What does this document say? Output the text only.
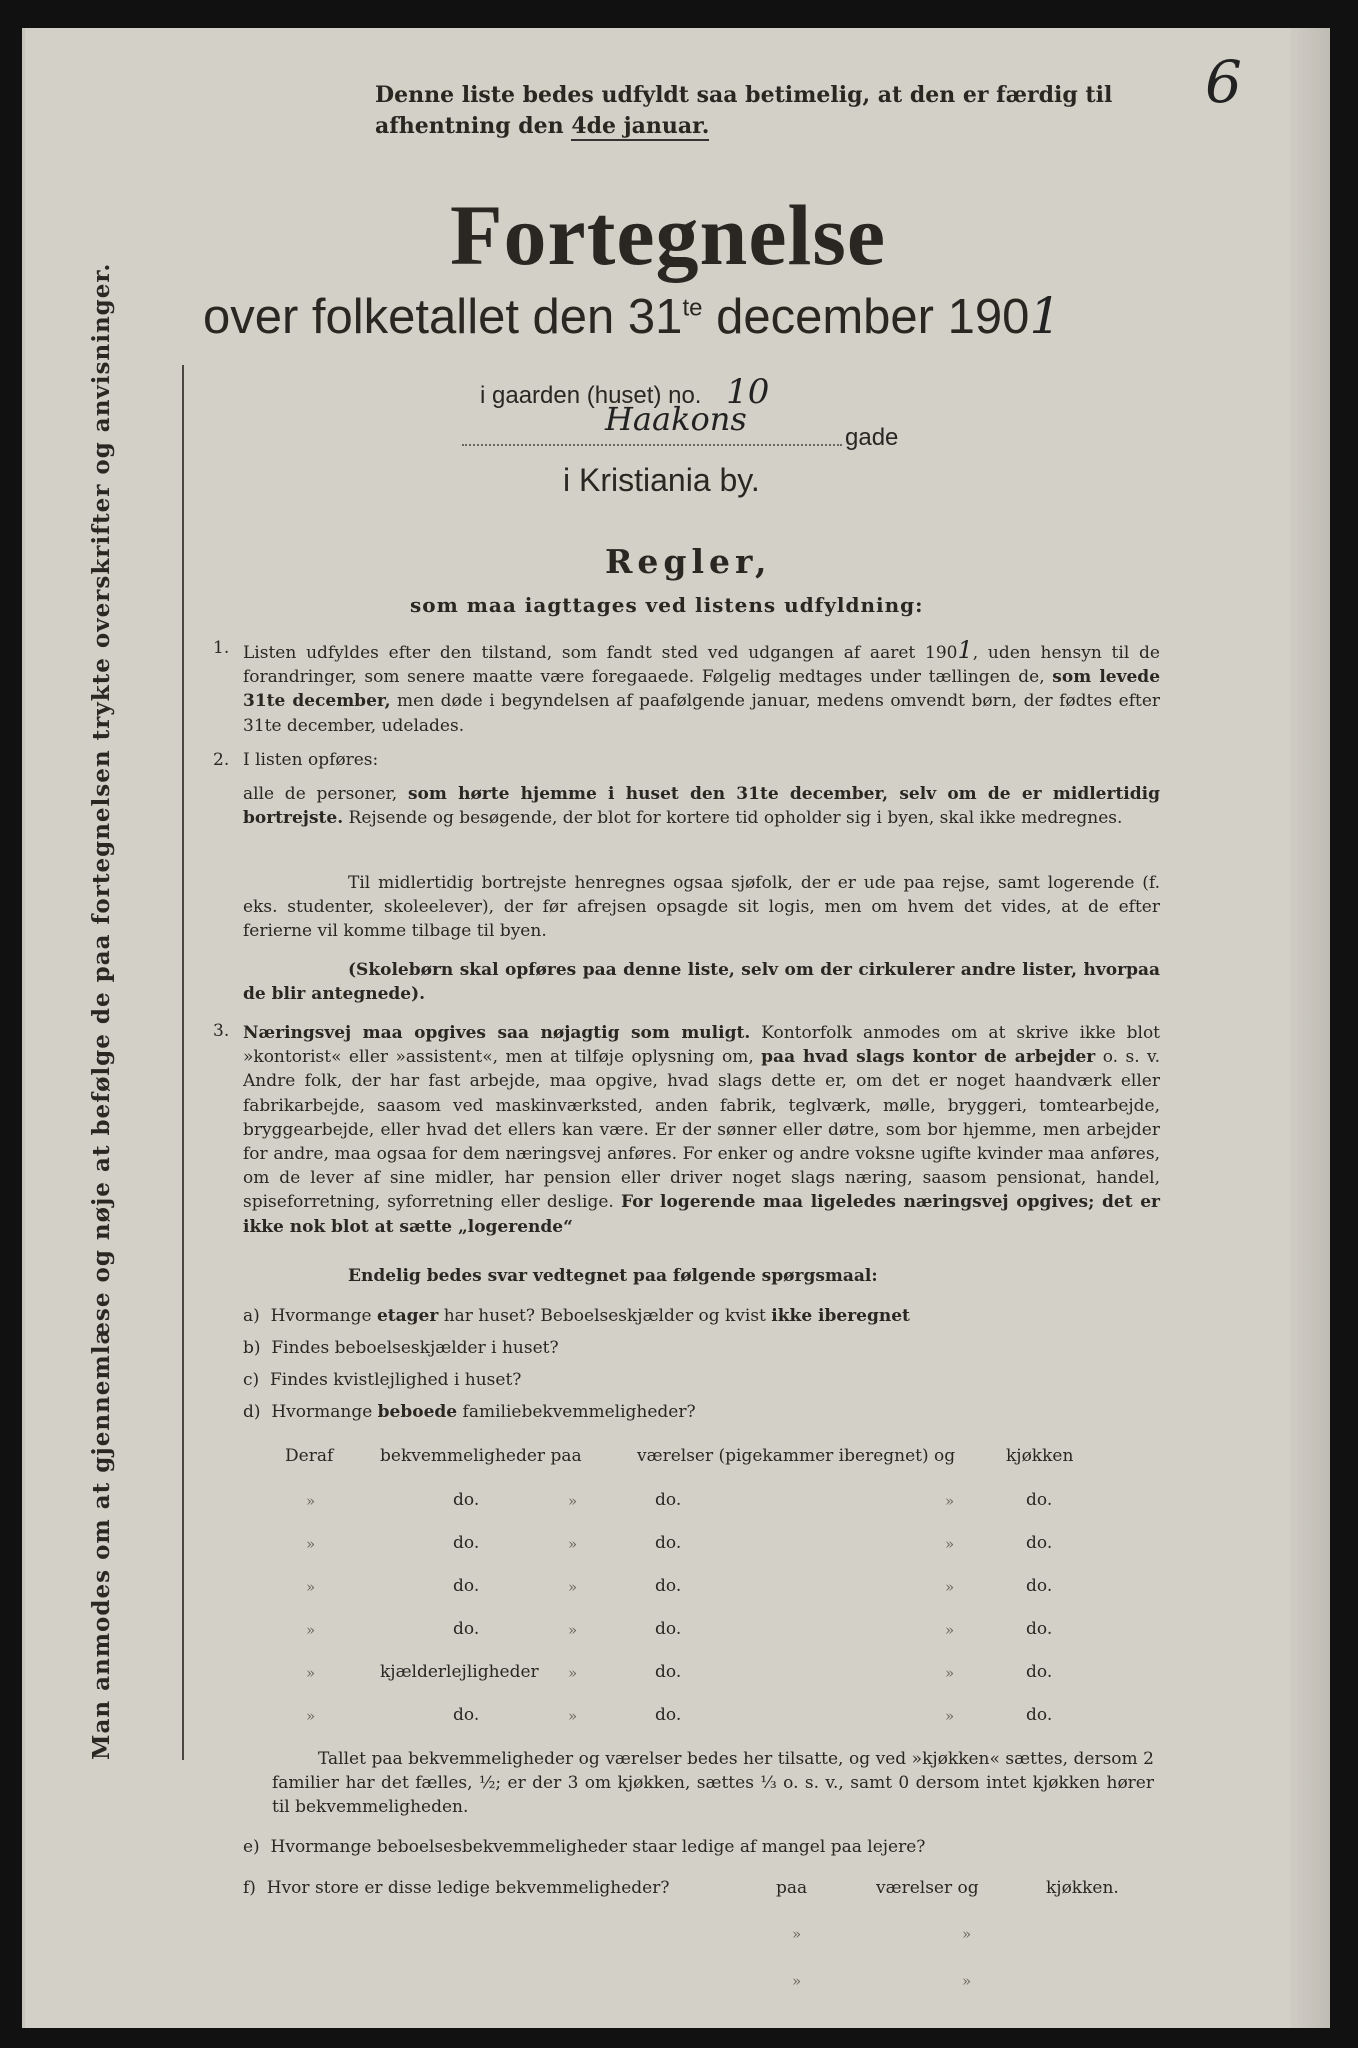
6
Man anmodes om at gjennemlæse og nøje at befølge de paa fortegnelsen trykte overskrifter og anvisninger.
Denne liste bedes udfyldt saa betimelig, at den er færdig til
afhentning den 4de januar.
Fortegnelse
over folketallet den $31^{te}$ december 1901
i gaarden (huset) no. 10
Haakons	gade
i Kristiania by.
Regler,
som maa iagttages ved listens udfyldning:
1. Listen udfyldes efter den tilstand, som fandt sted ved udgangen af aaret 1901, uden hensyn til de forandringer, som senere maatte være foregaaede. Følgelig medtages under tællingen de, som levede 31te december, men døde i begyndelsen af paafølgende januar, medens omvendt børn, der fødtes efter 31te december, udelades.
2. I listen opføres:
alle de personer, som hørte hjemme i huset den 31te december, selv om de er midlertidig bortrejste. Rejsende og besøgende, der blot for kortere tid opholder sig i byen, skal ikke medregnes.
Til midlertidig bortrejste henregnes ogsaa sjøfolk, der er ude paa rejse, samt logerende (f. eks. studenter, skoleelever), der før afrejsen opsagde sit logis, men om hvem det vides, at de efter ferierne vil komme tilbage til byen.
(Skolebørn skal opføres paa denne liste, selv om der cirkulerer andre lister, hvorpaa de blir antegnede).
3. Næringsvej maa opgives saa nøjagtig som muligt. Kontorfolk anmodes om at skrive ikke blot »kontorist« eller »assistent«, men at tilføje oplysning om, paa hvad slags kontor de arbejder o. s. v. Andre folk, der har fast arbejde, maa opgive, hvad slags dette er, om det er noget haandværk eller fabrikarbejde, saasom ved maskinværksted, anden fabrik, teglværk, mølle, bryggeri, tomtearbejde, bryggearbejde, eller hvad det ellers kan være. Er der sønner eller døtre, som bor hjemme, men arbejder for andre, maa ogsaa for dem næringsvej anføres. For enker og andre voksne ugifte kvinder maa anføres, om de lever af sine midler, har pension eller driver noget slags næring, saasom pensionat, handel, spiseforretning, syforretning eller deslige. For logerende maa ligeledes næringsvej opgives; det er ikke nok blot at sætte „logerende“
Endelig bedes svar vedtegnet paa følgende spørgsmaal:
a) Hvormange etager har huset? Beboelseskjælder og kvist ikke iberegnet
b) Findes beboelseskjælder i huset?
c) Findes kvistlejlighed i huset?
d) Hvormange beboede familiebekvemmeligheder?
Deraf	bekvemmeligheder paa	værelser (pigekammer iberegnet) og	kjøkken
»	do.	»	do.	»	do.
»	do.	»	do.	»	do.
»	do.	»	do.	»	do.
»	do.	»	do.	»	do.
»	kjælderlejligheder »	do.	»	do.
»	do.	»	do.	»	do.
Tallet paa bekvemmeligheder og værelser bedes her tilsatte, og ved »kjøkken« sættes, dersom 2 familier har det fælles, ½; er der 3 om kjøkken, sættes ⅓ o. s. v., samt 0 dersom intet kjøkken hører til bekvemmeligheden.
e) Hvormange beboelsesbekvemmeligheder staar ledige af mangel paa lejere?
f) Hvor store er disse ledige bekvemmeligheder?	paa	værelser og	kjøkken.
»	»
»	»
